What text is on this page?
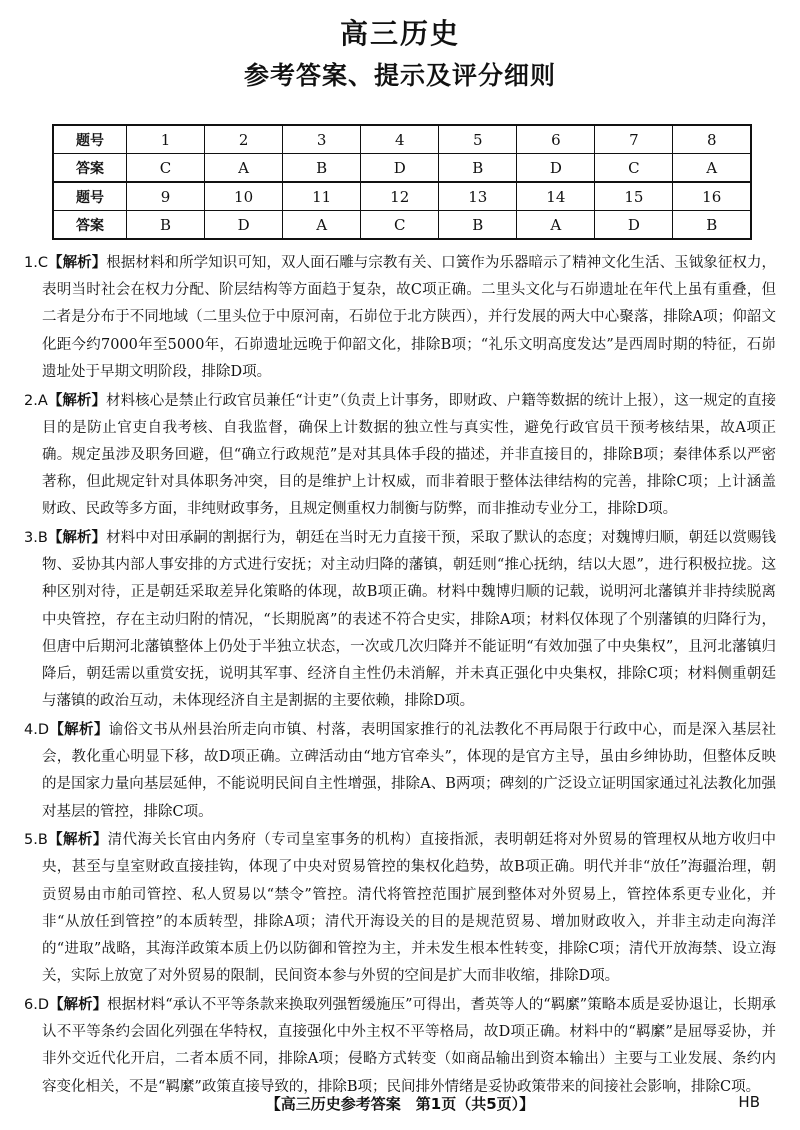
高三历史
参考答案、提示及评分细则
题号	1	2	3	4	5	6	7	8
答案	C	A	B	D	B	D	C	A
题号	9	10	11	12	13	14	15	16
答案	B	D	A	C	B	A	D	B

1.C【解析】根据材料和所学知识可知，双人面石雕与宗教有关、口簧作为乐器暗示了精神文化生活、玉钺象征权力，表明当时社会在权力分配、阶层结构等方面趋于复杂，故C项正确。二里头文化与石峁遗址在年代上虽有重叠，但二者是分布于不同地域（二里头位于中原河南，石峁位于北方陕西），并行发展的两大中心聚落，排除A项；仰韶文化距今约7000年至5000年，石峁遗址远晚于仰韶文化，排除B项；“礼乐文明高度发达”是西周时期的特征，石峁遗址处于早期文明阶段，排除D项。

2.A【解析】材料核心是禁止行政官员兼任“计吏”（负责上计事务，即财政、户籍等数据的统计上报），这一规定的直接目的是防止官吏自我考核、自我监督，确保上计数据的独立性与真实性，避免行政官员干预考核结果，故A项正确。规定虽涉及职务回避，但“确立行政规范”是对其具体手段的描述，并非直接目的，排除B项；秦律体系以严密著称，但此规定针对具体职务冲突，目的是维护上计权威，而非着眼于整体法律结构的完善，排除C项；上计涵盖财政、民政等多方面，非纯财政事务，且规定侧重权力制衡与防弊，而非推动专业分工，排除D项。

3.B【解析】材料中对田承嗣的割据行为，朝廷在当时无力直接干预，采取了默认的态度；对魏博归顺，朝廷以赏赐钱物、妥协其内部人事安排的方式进行安抚；对主动归降的藩镇，朝廷则“推心抚纳，结以大恩”，进行积极拉拢。这种区别对待，正是朝廷采取差异化策略的体现，故B项正确。材料中魏博归顺的记载，说明河北藩镇并非持续脱离中央管控，存在主动归附的情况，“长期脱离”的表述不符合史实，排除A项；材料仅体现了个别藩镇的归降行为，但唐中后期河北藩镇整体上仍处于半独立状态，一次或几次归降并不能证明“有效加强了中央集权”，且河北藩镇归降后，朝廷需以重赏安抚，说明其军事、经济自主性仍未消解，并未真正强化中央集权，排除C项；材料侧重朝廷与藩镇的政治互动，未体现经济自主是割据的主要依赖，排除D项。

4.D【解析】谕俗文书从州县治所走向市镇、村落，表明国家推行的礼法教化不再局限于行政中心，而是深入基层社会，教化重心明显下移，故D项正确。立碑活动由“地方官牵头”，体现的是官方主导，虽由乡绅协助，但整体反映的是国家力量向基层延伸，不能说明民间自主性增强，排除A、B两项；碑刻的广泛设立证明国家通过礼法教化加强对基层的管控，排除C项。

5.B【解析】清代海关长官由内务府（专司皇室事务的机构）直接指派，表明朝廷将对外贸易的管理权从地方收归中央，甚至与皇室财政直接挂钩，体现了中央对贸易管控的集权化趋势，故B项正确。明代并非“放任”海疆治理，朝贡贸易由市舶司管控、私人贸易以“禁令”管控。清代将管控范围扩展到整体对外贸易上，管控体系更专业化，并非“从放任到管控”的本质转型，排除A项；清代开海设关的目的是规范贸易、增加财政收入，并非主动走向海洋的“进取”战略，其海洋政策本质上仍以防御和管控为主，并未发生根本性转变，排除C项；清代开放海禁、设立海关，实际上放宽了对外贸易的限制，民间资本参与外贸的空间是扩大而非收缩，排除D项。

6.D【解析】根据材料“承认不平等条款来换取列强暂缓施压”可得出，耆英等人的“羁縻”策略本质是妥协退让，长期承认不平等条约会固化列强在华特权，直接强化中外主权不平等格局，故D项正确。材料中的“羁縻”是屈辱妥协，并非外交近代化开启，二者本质不同，排除A项；侵略方式转变（如商品输出到资本输出）主要与工业发展、条约内容变化相关，不是“羁縻”政策直接导致的，排除B项；民间排外情绪是妥协政策带来的间接社会影响，排除C项。

【高三历史参考答案　第1页（共5页）】	HB
